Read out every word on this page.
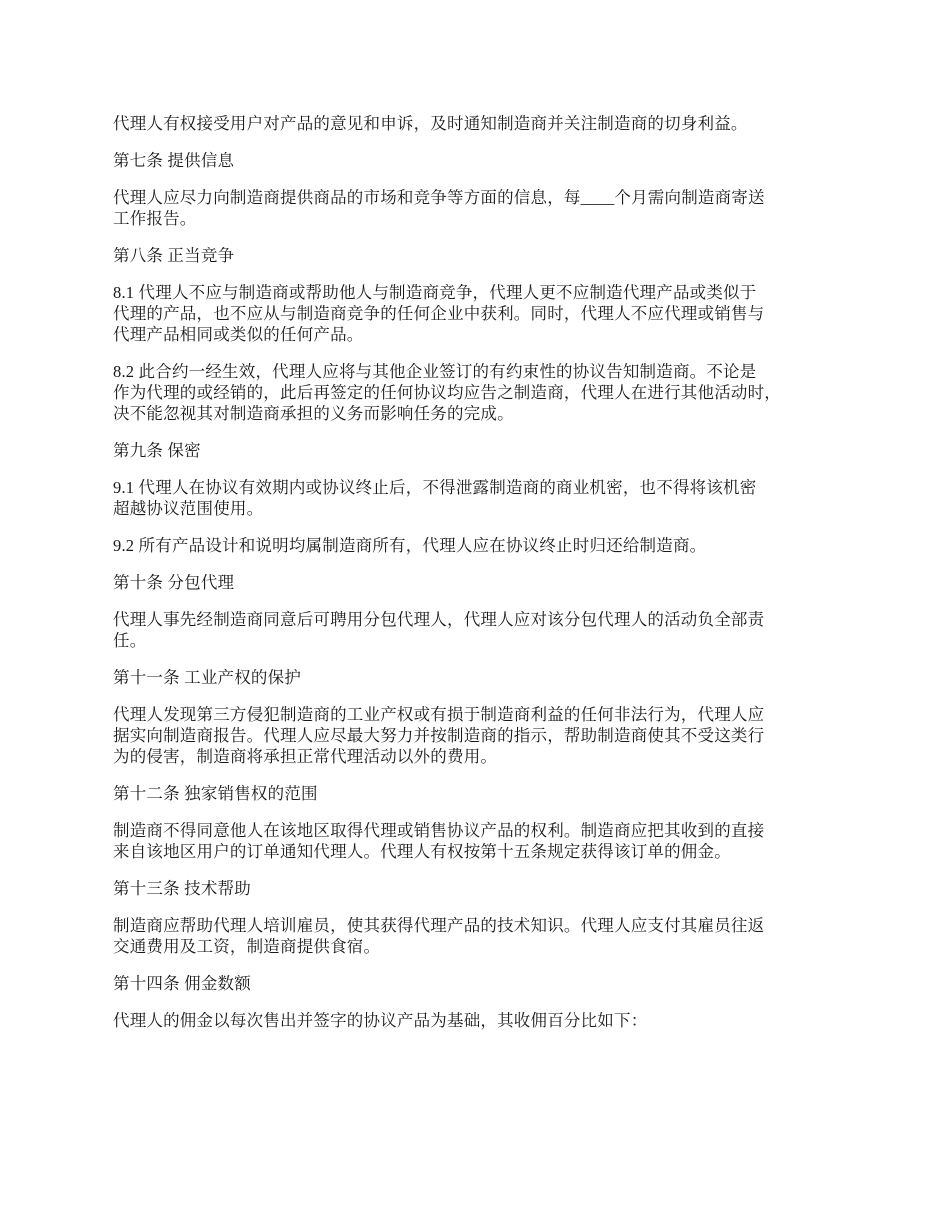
代理人有权接受用户对产品的意见和申诉，及时通知制造商并关注制造商的切身利益。
第七条 提供信息
代理人应尽力向制造商提供商品的市场和竞争等方面的信息，每____个月需向制造商寄送
工作报告。
第八条 正当竞争
8.1 代理人不应与制造商或帮助他人与制造商竞争，代理人更不应制造代理产品或类似于
代理的产品，也不应从与制造商竞争的任何企业中获利。同时，代理人不应代理或销售与
代理产品相同或类似的任何产品。
8.2 此合约一经生效，代理人应将与其他企业签订的有约束性的协议告知制造商。不论是
作为代理的或经销的，此后再签定的任何协议均应告之制造商，代理人在进行其他活动时，
决不能忽视其对制造商承担的义务而影响任务的完成。
第九条 保密
9.1 代理人在协议有效期内或协议终止后，不得泄露制造商的商业机密，也不得将该机密
超越协议范围使用。
9.2 所有产品设计和说明均属制造商所有，代理人应在协议终止时归还给制造商。
第十条 分包代理
代理人事先经制造商同意后可聘用分包代理人，代理人应对该分包代理人的活动负全部责
任。
第十一条 工业产权的保护
代理人发现第三方侵犯制造商的工业产权或有损于制造商利益的任何非法行为，代理人应
据实向制造商报告。代理人应尽最大努力并按制造商的指示，帮助制造商使其不受这类行
为的侵害，制造商将承担正常代理活动以外的费用。
第十二条 独家销售权的范围
制造商不得同意他人在该地区取得代理或销售协议产品的权利。制造商应把其收到的直接
来自该地区用户的订单通知代理人。代理人有权按第十五条规定获得该订单的佣金。
第十三条 技术帮助
制造商应帮助代理人培训雇员，使其获得代理产品的技术知识。代理人应支付其雇员往返
交通费用及工资，制造商提供食宿。
第十四条 佣金数额
代理人的佣金以每次售出并签字的协议产品为基础，其收佣百分比如下：
